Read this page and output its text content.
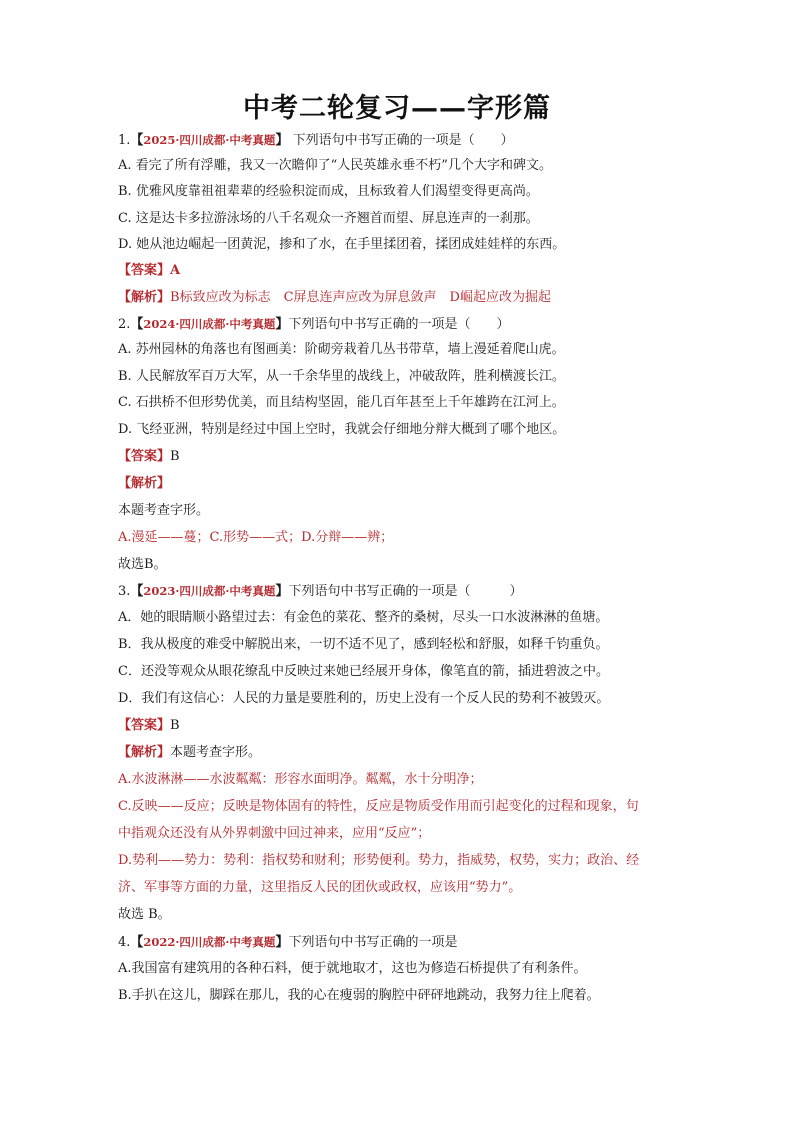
中考二轮复习——字形篇
1.【2025·四川成都·中考真题】 下列语句中书写正确的一项是（　　）
A. 看完了所有浮雕，我又一次瞻仰了“人民英雄永垂不朽”几个大字和碑文。
B. 优雅风度靠祖祖辈辈的经验积淀而成，且标致着人们渴望变得更高尚。
C. 这是达卡多拉游泳场的八千名观众一齐翘首而望、屏息连声的一刹那。
D. 她从池边崛起一团黄泥，掺和了水，在手里揉团着，揉团成娃娃样的东西。
【答案】A
【解析】B标致应改为标志　C屏息连声应改为屏息敛声　D崛起应改为掘起
2.【2024·四川成都·中考真题】下列语句中书写正确的一项是（　　）
A. 苏州园林的角落也有图画美：阶砌旁栽着几丛书带草，墙上漫延着爬山虎。
B. 人民解放军百万大军，从一千余华里的战线上，冲破敌阵，胜利横渡长江。
C. 石拱桥不但形势优美，而且结构坚固，能几百年甚至上千年雄跨在江河上。
D. 飞经亚洲，特别是经过中国上空时，我就会仔细地分辩大概到了哪个地区。
【答案】B
【解析】
本题考查字形。
A.漫延——蔓；C.形势——式；D.分辩——辨；
故选B。
3.【2023·四川成都·中考真题】下列语句中书写正确的一项是（　　　）
A．她的眼睛顺小路望过去：有金色的菜花、整齐的桑树，尽头一口水波淋淋的鱼塘。
B．我从极度的难受中解脱出来，一切不适不见了，感到轻松和舒服，如释千钧重负。
C．还没等观众从眼花缭乱中反映过来她已经展开身体，像笔直的箭，插进碧波之中。
D．我们有这信心：人民的力量是要胜利的，历史上没有一个反人民的势利不被毁灭。
【答案】B
【解析】本题考查字形。
A.水波淋淋——水波粼粼：形容水面明净。粼粼，水十分明净；
C.反映——反应；反映是物体固有的特性，反应是物质受作用而引起变化的过程和现象，句
中指观众还没有从外界刺激中回过神来，应用“反应”；
D.势利——势力：势利：指权势和财利；形势便利。势力，指威势，权势，实力；政治、经
济、军事等方面的力量，这里指反人民的团伙或政权，应该用“势力”。
故选 B。
4.【2022·四川成都·中考真题】下列语句中书写正确的一项是
A.我国富有建筑用的各种石料，便于就地取才，这也为修造石桥提供了有利条件。
B.手扒在这儿，脚踩在那儿，我的心在瘦弱的胸腔中砰砰地跳动，我努力往上爬着。
